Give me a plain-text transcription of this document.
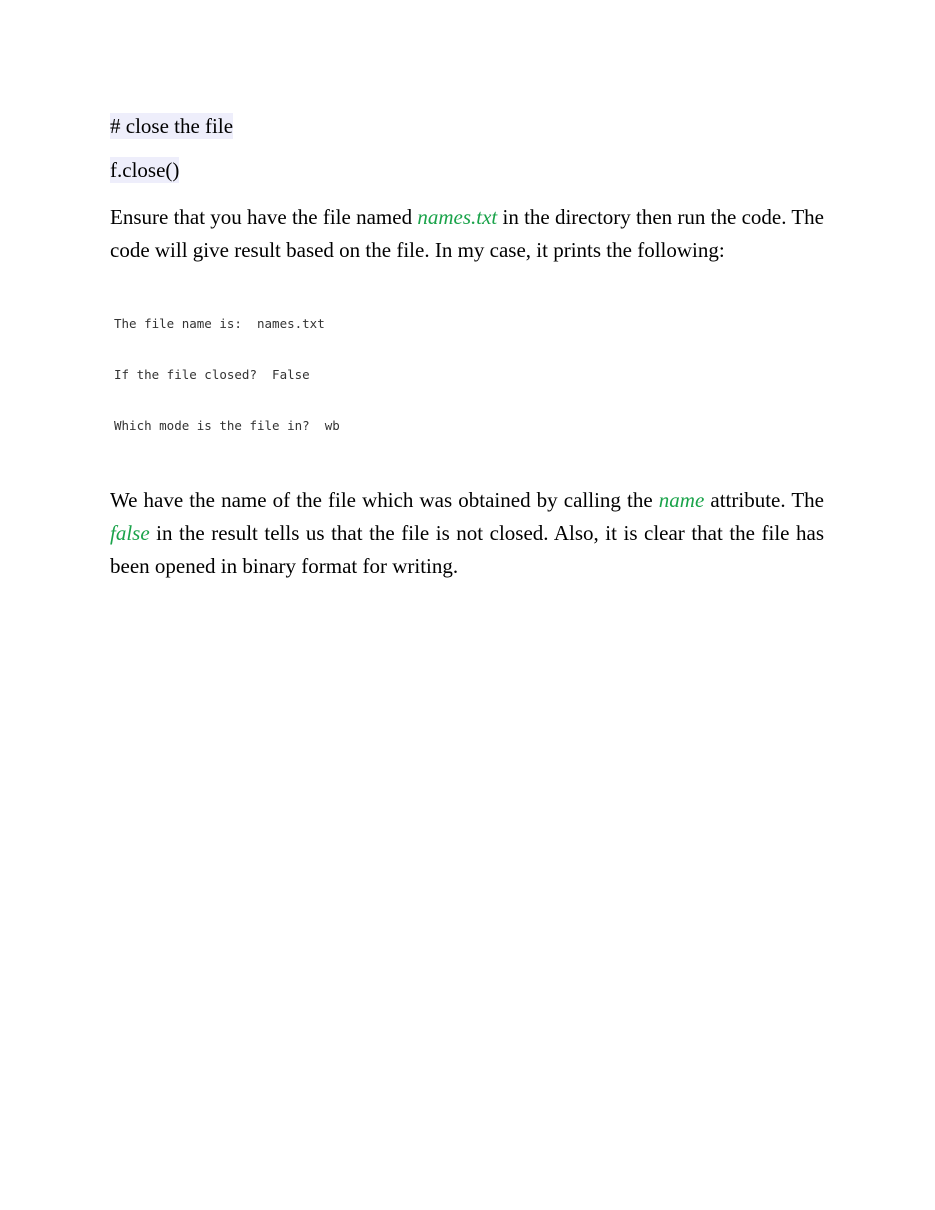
# close the file
f.close()

Ensure that you have the file named names.txt in the directory then run the code. The code will give result based on the file. In my case, it prints the following:

The file name is:  names.txt

If the file closed?  False

Which mode is the file in?  wb

We have the name of the file which was obtained by calling the name attribute. The false in the result tells us that the file is not closed. Also, it is clear that the file has been opened in binary format for writing.
